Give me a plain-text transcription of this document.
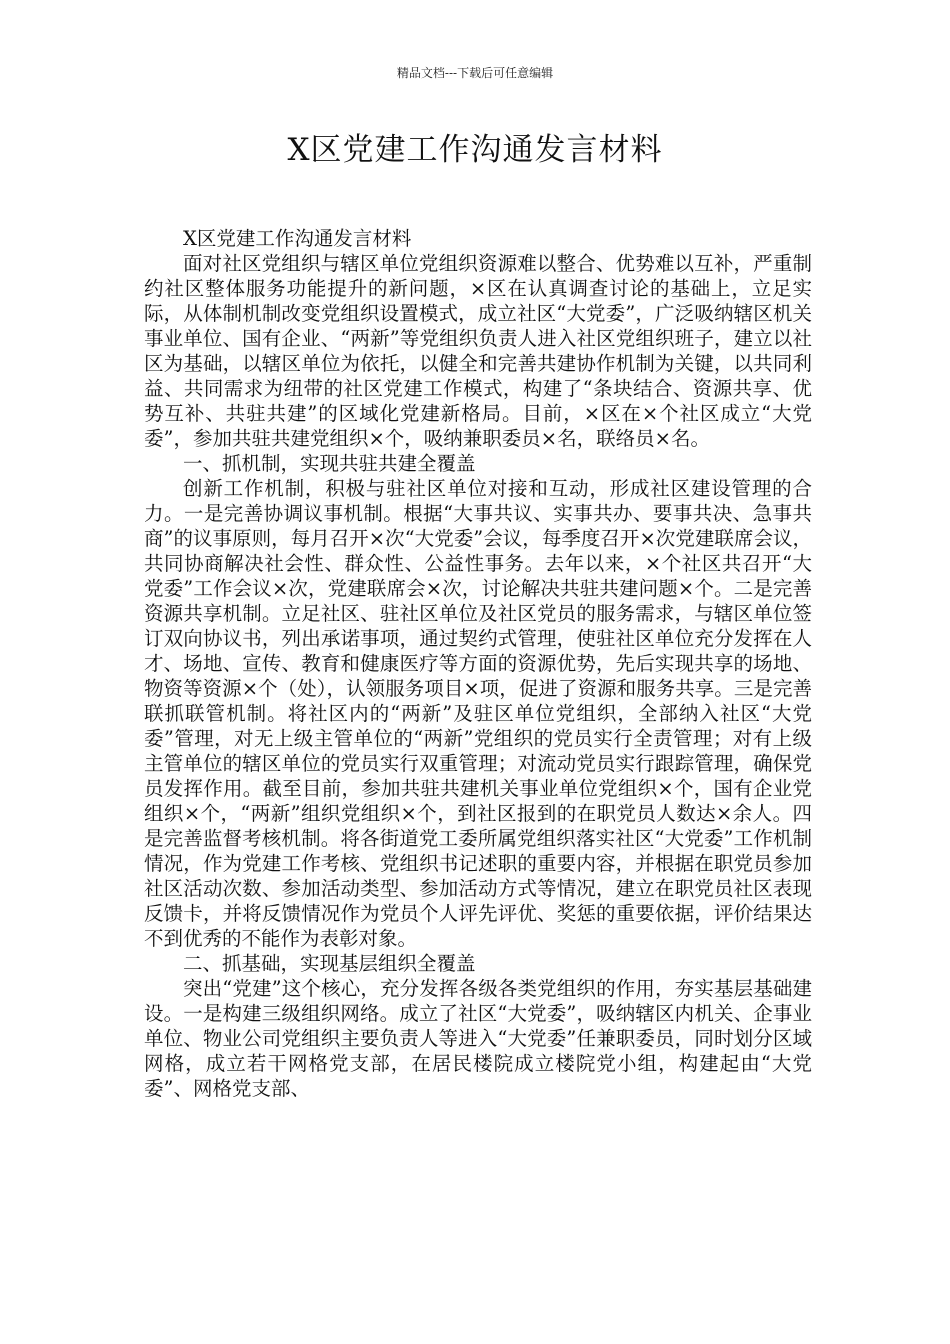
精品文档---下载后可任意编辑
X区党建工作沟通发言材料

X区党建工作沟通发言材料

面对社区党组织与辖区单位党组织资源难以整合、优势难以互补，严重制约社区整体服务功能提升的新问题，×区在认真调查讨论的基础上，立足实际，从体制机制改变党组织设置模式，成立社区“大党委”，广泛吸纳辖区机关事业单位、国有企业、“两新”等党组织负责人进入社区党组织班子，建立以社区为基础，以辖区单位为依托，以健全和完善共建协作机制为关键，以共同利益、共同需求为纽带的社区党建工作模式，构建了“条块结合、资源共享、优势互补、共驻共建”的区域化党建新格局。目前，×区在×个社区成立“大党委”，参加共驻共建党组织×个，吸纳兼职委员×名，联络员×名。

一、抓机制，实现共驻共建全覆盖

创新工作机制，积极与驻社区单位对接和互动，形成社区建设管理的合力。一是完善协调议事机制。根据“大事共议、实事共办、要事共决、急事共商”的议事原则，每月召开×次“大党委”会议，每季度召开×次党建联席会议，共同协商解决社会性、群众性、公益性事务。去年以来，×个社区共召开“大党委”工作会议×次，党建联席会×次，讨论解决共驻共建问题×个。二是完善资源共享机制。立足社区、驻社区单位及社区党员的服务需求，与辖区单位签订双向协议书，列出承诺事项，通过契约式管理，使驻社区单位充分发挥在人才、场地、宣传、教育和健康医疗等方面的资源优势，先后实现共享的场地、物资等资源×个（处），认领服务项目×项，促进了资源和服务共享。三是完善联抓联管机制。将社区内的“两新”及驻区单位党组织，全部纳入社区“大党委”管理，对无上级主管单位的“两新”党组织的党员实行全责管理；对有上级主管单位的辖区单位的党员实行双重管理；对流动党员实行跟踪管理，确保党员发挥作用。截至目前，参加共驻共建机关事业单位党组织×个，国有企业党组织×个，“两新”组织党组织×个，到社区报到的在职党员人数达×余人。四是完善监督考核机制。将各街道党工委所属党组织落实社区“大党委”工作机制情况，作为党建工作考核、党组织书记述职的重要内容，并根据在职党员参加社区活动次数、参加活动类型、参加活动方式等情况，建立在职党员社区表现反馈卡，并将反馈情况作为党员个人评先评优、奖惩的重要依据，评价结果达不到优秀的不能作为表彰对象。

二、抓基础，实现基层组织全覆盖

突出“党建”这个核心，充分发挥各级各类党组织的作用，夯实基层基础建设。一是构建三级组织网络。成立了社区“大党委”，吸纳辖区内机关、企事业单位、物业公司党组织主要负责人等进入“大党委”任兼职委员，同时划分区域网格，成立若干网格党支部，在居民楼院成立楼院党小组，构建起由“大党委”、网格党支部、
